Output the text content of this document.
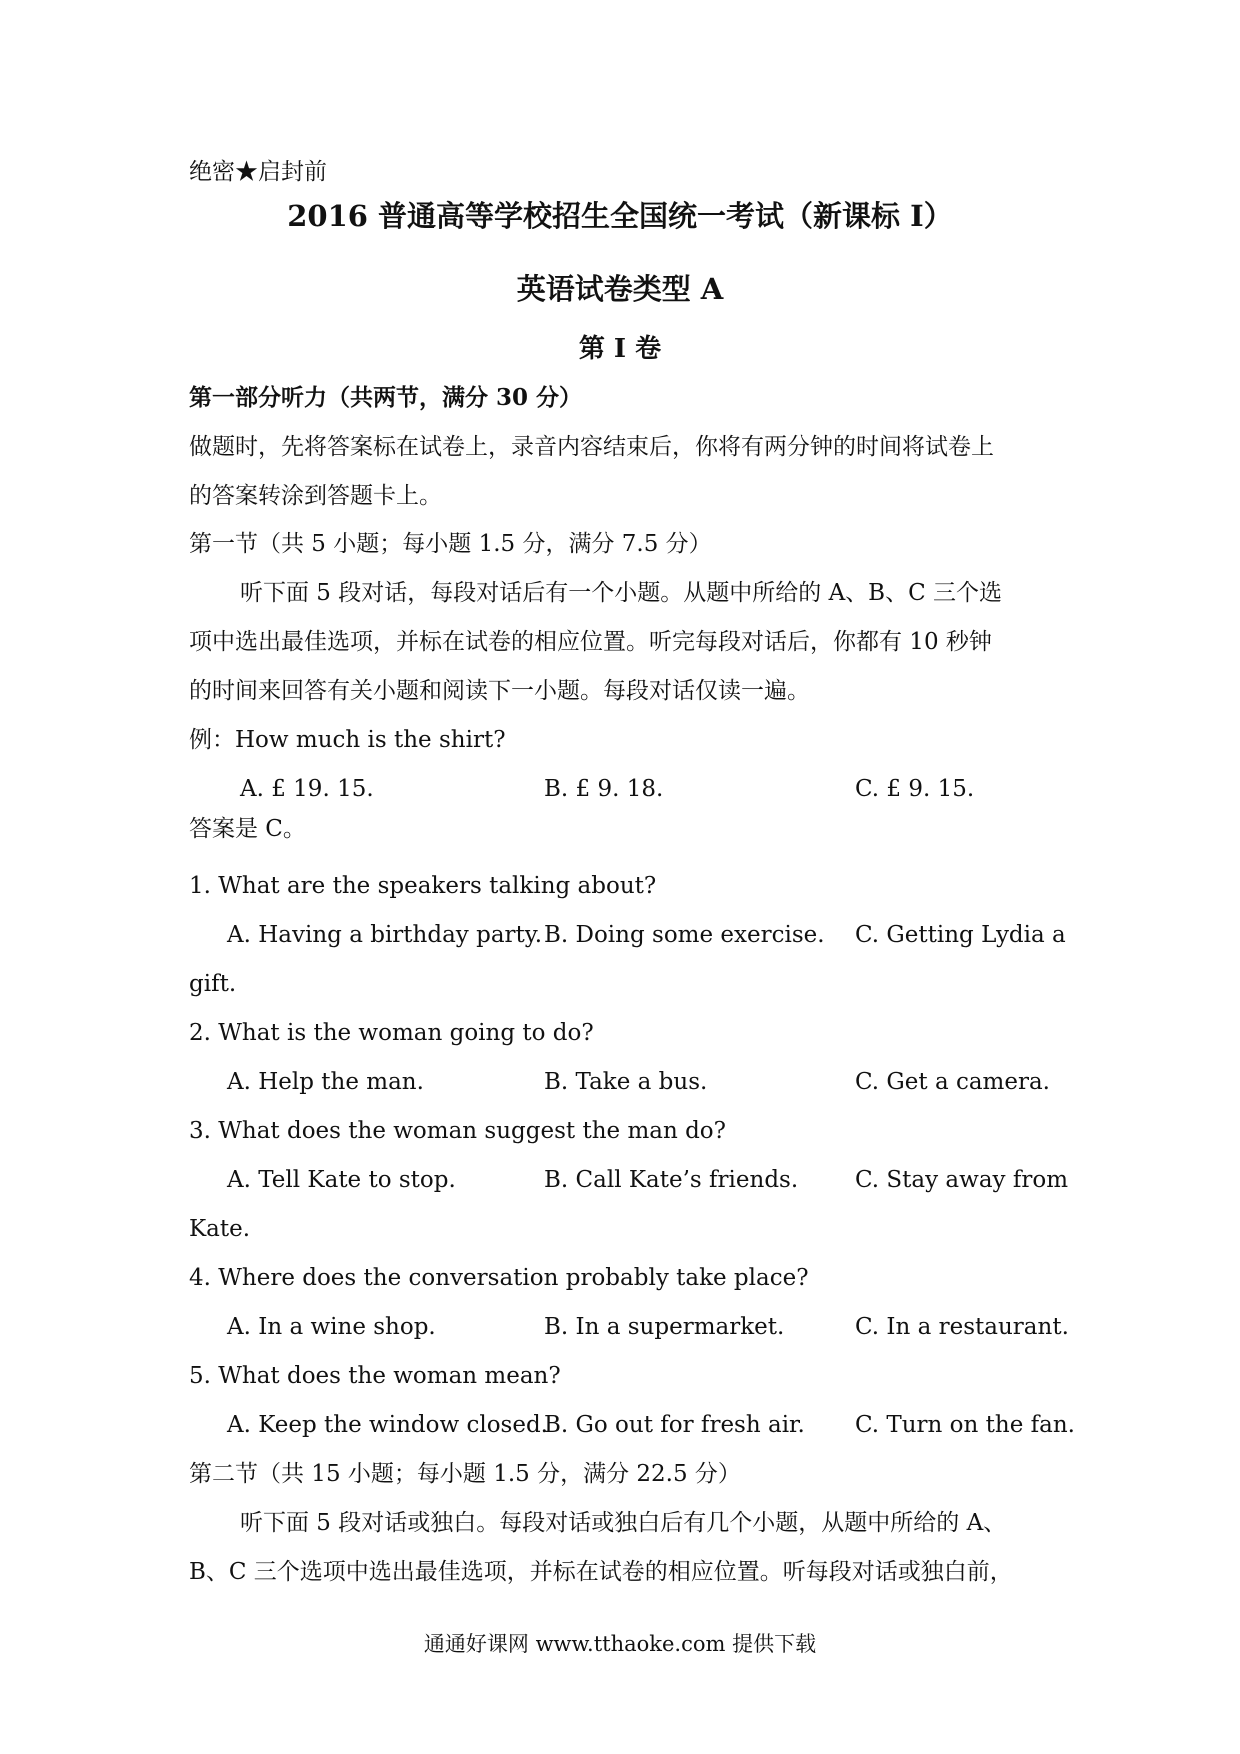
绝密★启封前
2016 普通高等学校招生全国统一考试（新课标 I）
英语试卷类型 A
第 I 卷
第一部分听力（共两节，满分 30 分）
做题时，先将答案标在试卷上，录音内容结束后，你将有两分钟的时间将试卷上
的答案转涂到答题卡上。
第一节（共 5 小题；每小题 1.5 分，满分 7.5 分）
听下面 5 段对话，每段对话后有一个小题。从题中所给的 A、B、C 三个选
项中选出最佳选项，并标在试卷的相应位置。听完每段对话后，你都有 10 秒钟
的时间来回答有关小题和阅读下一小题。每段对话仅读一遍。
例：How much is the shirt?
A. £ 19. 15.	B. £ 9. 18.	C. £ 9. 15.
答案是 C。
1. What are the speakers talking about?
A. Having a birthday party. B. Doing some exercise. C. Getting Lydia a
gift.
2. What is the woman going to do?
A. Help the man.	B. Take a bus.	C. Get a camera.
3. What does the woman suggest the man do?
A. Tell Kate to stop.	B. Call Kate’s friends. C. Stay away from
Kate.
4. Where does the conversation probably take place?
A. In a wine shop.	B. In a supermarket.	C. In a restaurant.
5. What does the woman mean?
A. Keep the window closed.
B. Go out for fresh air. C. Turn on the fan.
第二节（共 15 小题；每小题 1.5 分，满分 22.5 分）
听下面 5 段对话或独白。每段对话或独白后有几个小题，从题中所给的 A、
B、C 三个选项中选出最佳选项，并标在试卷的相应位置。听每段对话或独白前，
通通好课网 www.tthaoke.com 提供下载
